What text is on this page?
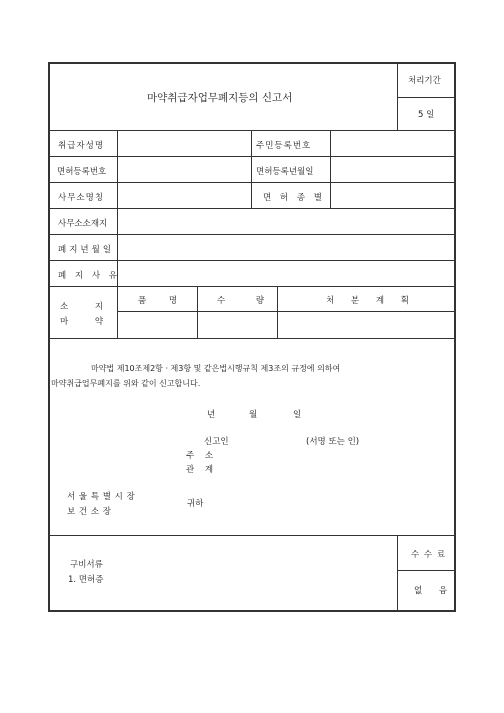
마약취급자업무폐지등의 신고서
처리기간
5 일
취급자성명	주민등록번호
면허등록번호	면허등록년월일
사무소명칭	면 허 종 별
사무소소재지
폐지년월일
폐 지 사 유
소 지
마 약
품 명	수 량	처 분 계 획
마약법 제10조제2항 · 제3항 및 같은법시행규칙 제3조의 규정에 의하여
마약취급업무폐지를 위와 같이 신고합니다.
년	월	일
신고인	(서명 또는 인)
주 소
관 계
서 울 특 별 시 장
보 건 소 장
귀하
구비서류
1. 면허증
수 수 료
없 음
